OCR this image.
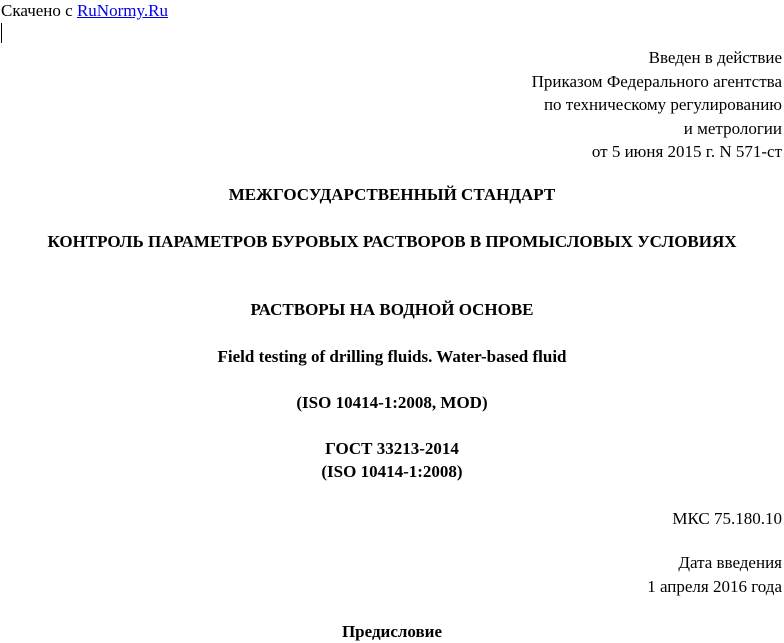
Скачено с RuNormy.Ru
Введен в действие
Приказом Федерального агентства
по техническому регулированию
и метрологии
от 5 июня 2015 г. N 571-ст
МЕЖГОСУДАРСТВЕННЫЙ СТАНДАРТ
КОНТРОЛЬ ПАРАМЕТРОВ БУРОВЫХ РАСТВОРОВ В ПРОМЫСЛОВЫХ УСЛОВИЯХ
РАСТВОРЫ НА ВОДНОЙ ОСНОВЕ
Field testing of drilling fluids. Water-based fluid
(ISO 10414-1:2008, MOD)
ГОСТ 33213-2014
(ISO 10414-1:2008)
МКС 75.180.10
Дата введения
1 апреля 2016 года
Предисловие
